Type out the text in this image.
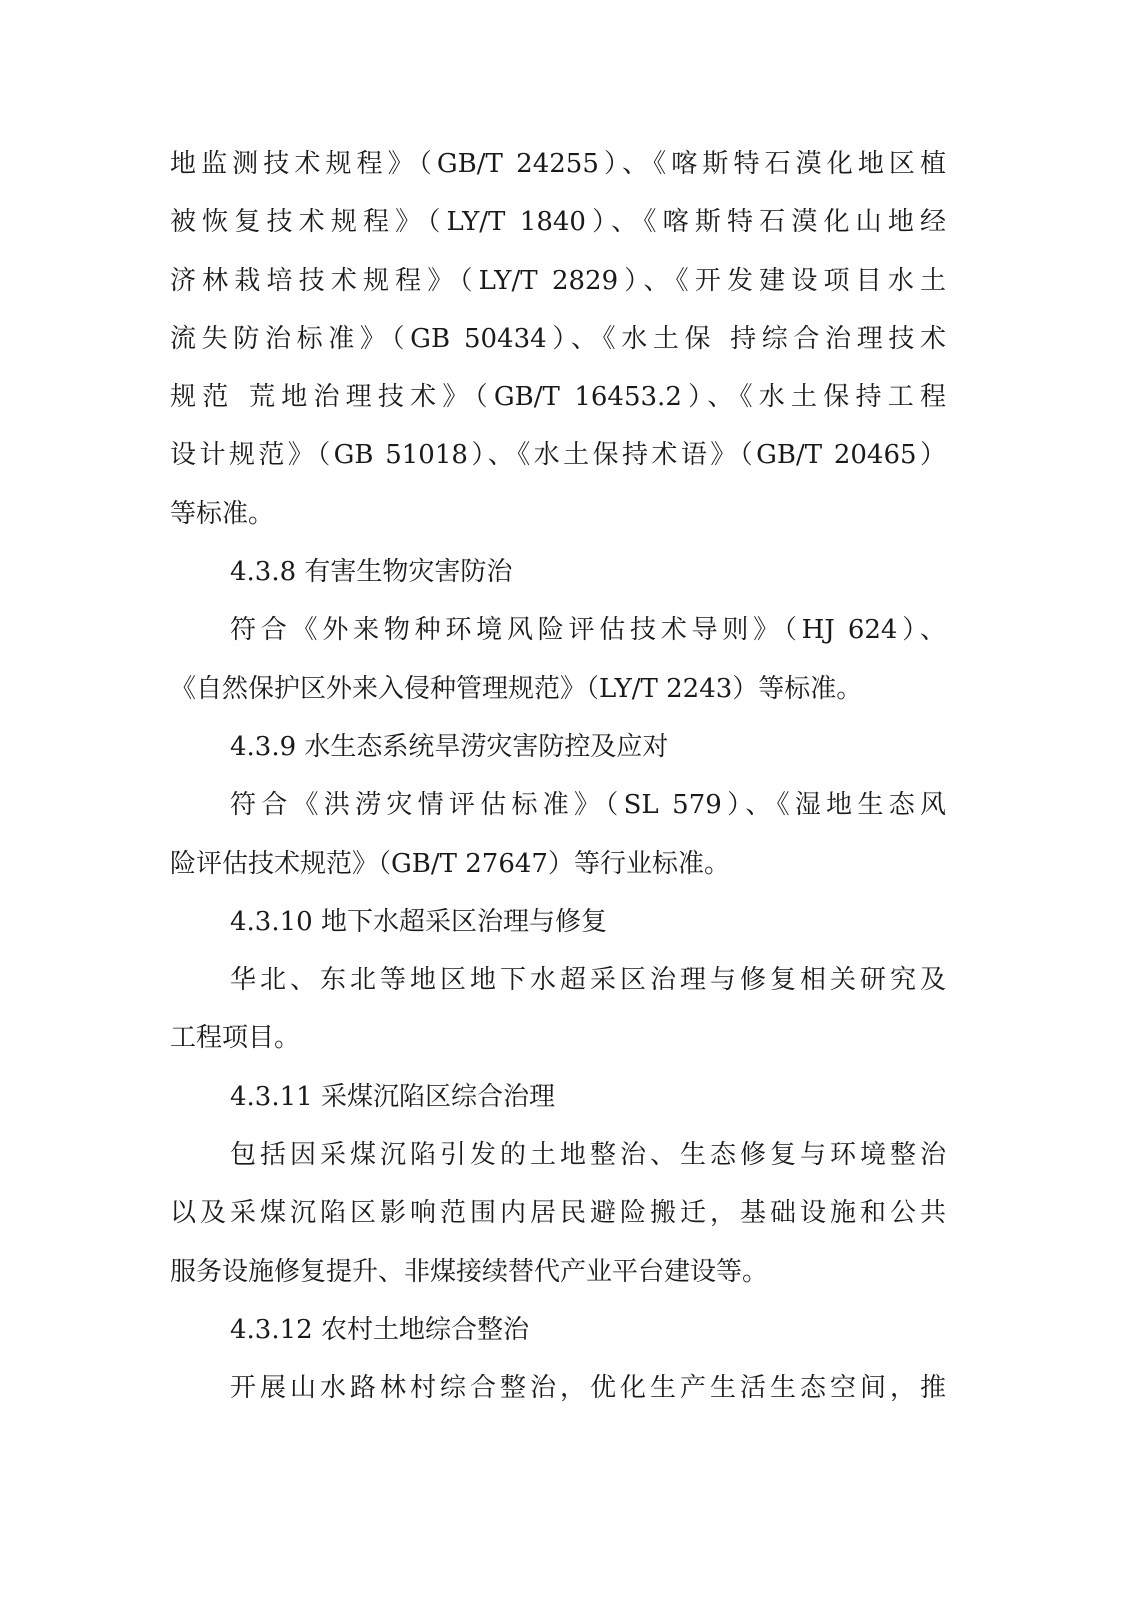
地监测技术规程》（GB/T 24255）、《喀斯特石漠化地区植
被恢复技术规程》（LY/T 1840）、《喀斯特石漠化山地经
济林栽培技术规程》（LY/T 2829）、《开发建设项目水土
流失防治标准》（GB 50434）、《水土保 持综合治理技术
规范 荒地治理技术》（GB/T 16453.2）、《水土保持工程
设计规范》（GB 51018）、《水土保持术语》（GB/T 20465）
等标准。
4.3.8 有害生物灾害防治
符合《外来物种环境风险评估技术导则》（HJ 624）、
《自然保护区外来入侵种管理规范》（LY/T 2243）等标准。
4.3.9 水生态系统旱涝灾害防控及应对
符合《洪涝灾情评估标准》（SL 579）、《湿地生态风
险评估技术规范》（GB/T 27647）等行业标准。
4.3.10 地下水超采区治理与修复
华北、东北等地区地下水超采区治理与修复相关研究及
工程项目。
4.3.11 采煤沉陷区综合治理
包括因采煤沉陷引发的土地整治、生态修复与环境整治
以及采煤沉陷区影响范围内居民避险搬迁，基础设施和公共
服务设施修复提升、非煤接续替代产业平台建设等。
4.3.12 农村土地综合整治
开展山水路林村综合整治，优化生产生活生态空间，推
